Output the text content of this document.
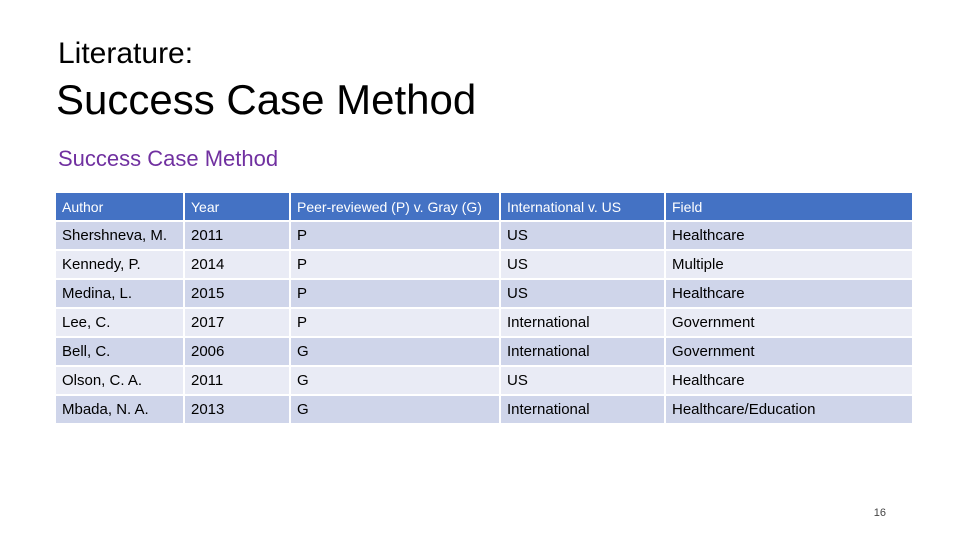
Literature:
Success Case Method
Success Case Method
Author	Year	Peer-reviewed (P) v. Gray (G)	International v. US	Field
Shershneva, M.	2011	P	US	Healthcare
Kennedy, P.	2014	P	US	Multiple
Medina, L.	2015	P	US	Healthcare
Lee, C.	2017	P	International	Government
Bell, C.	2006	G	International	Government
Olson, C. A.	2011	G	US	Healthcare
Mbada, N. A.	2013	G	International	Healthcare/Education
16
